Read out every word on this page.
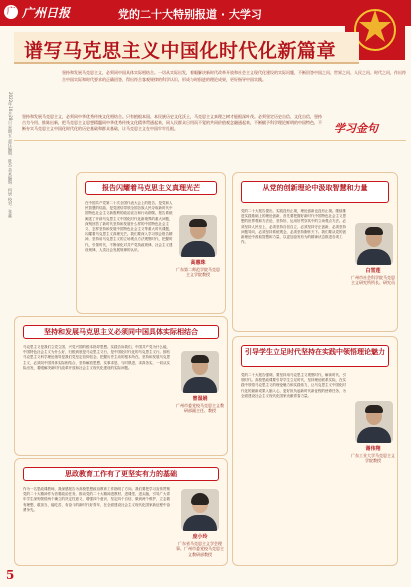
广 广州日报	党的二十大特别报道 · 大学习
谱写马克思主义中国化时代化新篇章
2022年10月28日 星期五 责任编辑：陈杰 美术编辑：何妍 校对：张鑫
坚持和发展马克思主义，必须同中国具体实际相结合。一切从实际出发，着眼解决新时代改革开放和社会主义现代化建设的实际问题，不断回答中国之问、世界之问、人民之问、时代之问，作出符合中国实际和时代要求的正确回答，得出符合客观规律的科学认识，形成与时俱进的理论成果，更好指导中国实践。
坚持和发展马克思主义，必须同中华优秀传统文化相结合。只有植根本国、本民族历史文化沃土，马克思主义真理之树才能根深叶茂。必须坚定历史自信、文化自信，坚持古为今用、推陈出新，把马克思主义思想精髓同中华优秀传统文化精华贯通起来，同人民群众日用而不觉的共同价值观念融通起来，不断赋予科学理论鲜明的中国特色，不断夯实马克思主义中国化时代化的历史基础和群众基础，让马克思主义在中国牢牢扎根。	学习金句
报告闪耀着马克思主义真理光芒
在中国共产党第二十次全国代表大会上的报告，是党和人民智慧的结晶，是党团结带领全国各族人民夺取新时代中国特色社会主义新胜利的政治宣言和行动纲领。报告系统阐述了开辟马克思主义中国化时代化新境界的重大问题，深刻回答了新时代坚持和发展什么样的中国特色社会主义、怎样坚持和发展中国特色社会主义等重大时代课题，闪耀着马克思主义真理光芒。我们要深入学习领会报告精神，坚持用马克思主义的立场观点方法观察时代、把握时代、引领时代，不断深化对共产党执政规律、社会主义建设规律、人类社会发展规律的认识。
高惠珠
广东第二师范学院马克思主义学院教授
坚持和发展马克思主义必须同中国具体实际相结合
马克思主义是我们立党立国、兴党兴国的根本指导思想。实践告诉我们，中国共产党为什么能，中国特色社会主义为什么好，归根到底是马克思主义行，是中国化时代化的马克思主义行。拥有马克思主义科学理论指导是我们党坚定信仰信念、把握历史主动的根本所在。坚持和发展马克思主义，必须同中国具体实际相结合，坚持解放思想、实事求是、与时俱进、求真务实，一切从实际出发，着眼解决新时代改革开放和社会主义现代化建设的实际问题。
曾湿娟
广州市委党校马克思主义教研部副主任、教授
思政教育工作有了更坚实有力的基础
作为一名思政课教师，我深感报告为高校思想政治教育工作指明了方向。我们要把学习宣传贯彻党的二十大精神作为首要政治任务，推动党的二十大精神进教材、进课堂、进头脑，引导广大青年学生深刻领悟两个确立的决定性意义，增强四个意识、坚定四个自信、做到两个维护，立志做有理想、敢担当、能吃苦、肯奋斗的新时代好青年，在全面建设社会主义现代化国家新征程中奋勇争先。
庞小玲
广东省马克思主义学会理事、广州市委党校马克思主义教研部教授
从党的创新理论中汲取智慧和力量
党的二十大报告提出，实践没有止境，理论创新也没有止境。继续推进实践基础上的理论创新，首先要把握好新时代中国特色社会主义思想的世界观和方法论，坚持好、运用好贯穿其中的立场观点方法。必须坚持人民至上，必须坚持自信自立，必须坚持守正创新，必须坚持问题导向，必须坚持系统观念，必须坚持胸怀天下。我们要从党的创新理论中汲取智慧和力量，以更加奋发有为的精神状态推进各项工作。
白雪莲
广州市社会科学院马克思主义研究所所长、研究员
引导学生立足时代坚持在实践中领悟理论魅力
党的二十大报告强调，要坚持用马克思主义观察时代、解读时代、引领时代。高校思政课要引导学生立足时代，坚持理论联系实际，在实践中领悟马克思主义的理论魅力和实践伟力，让马克思主义中国化时代化的最新成果入脑入心，更好担负起新时代新征程的使命任务，为全面建设社会主义现代化国家贡献青春力量。
谢伟翔
广东工业大学马克思主义学院教授
5
